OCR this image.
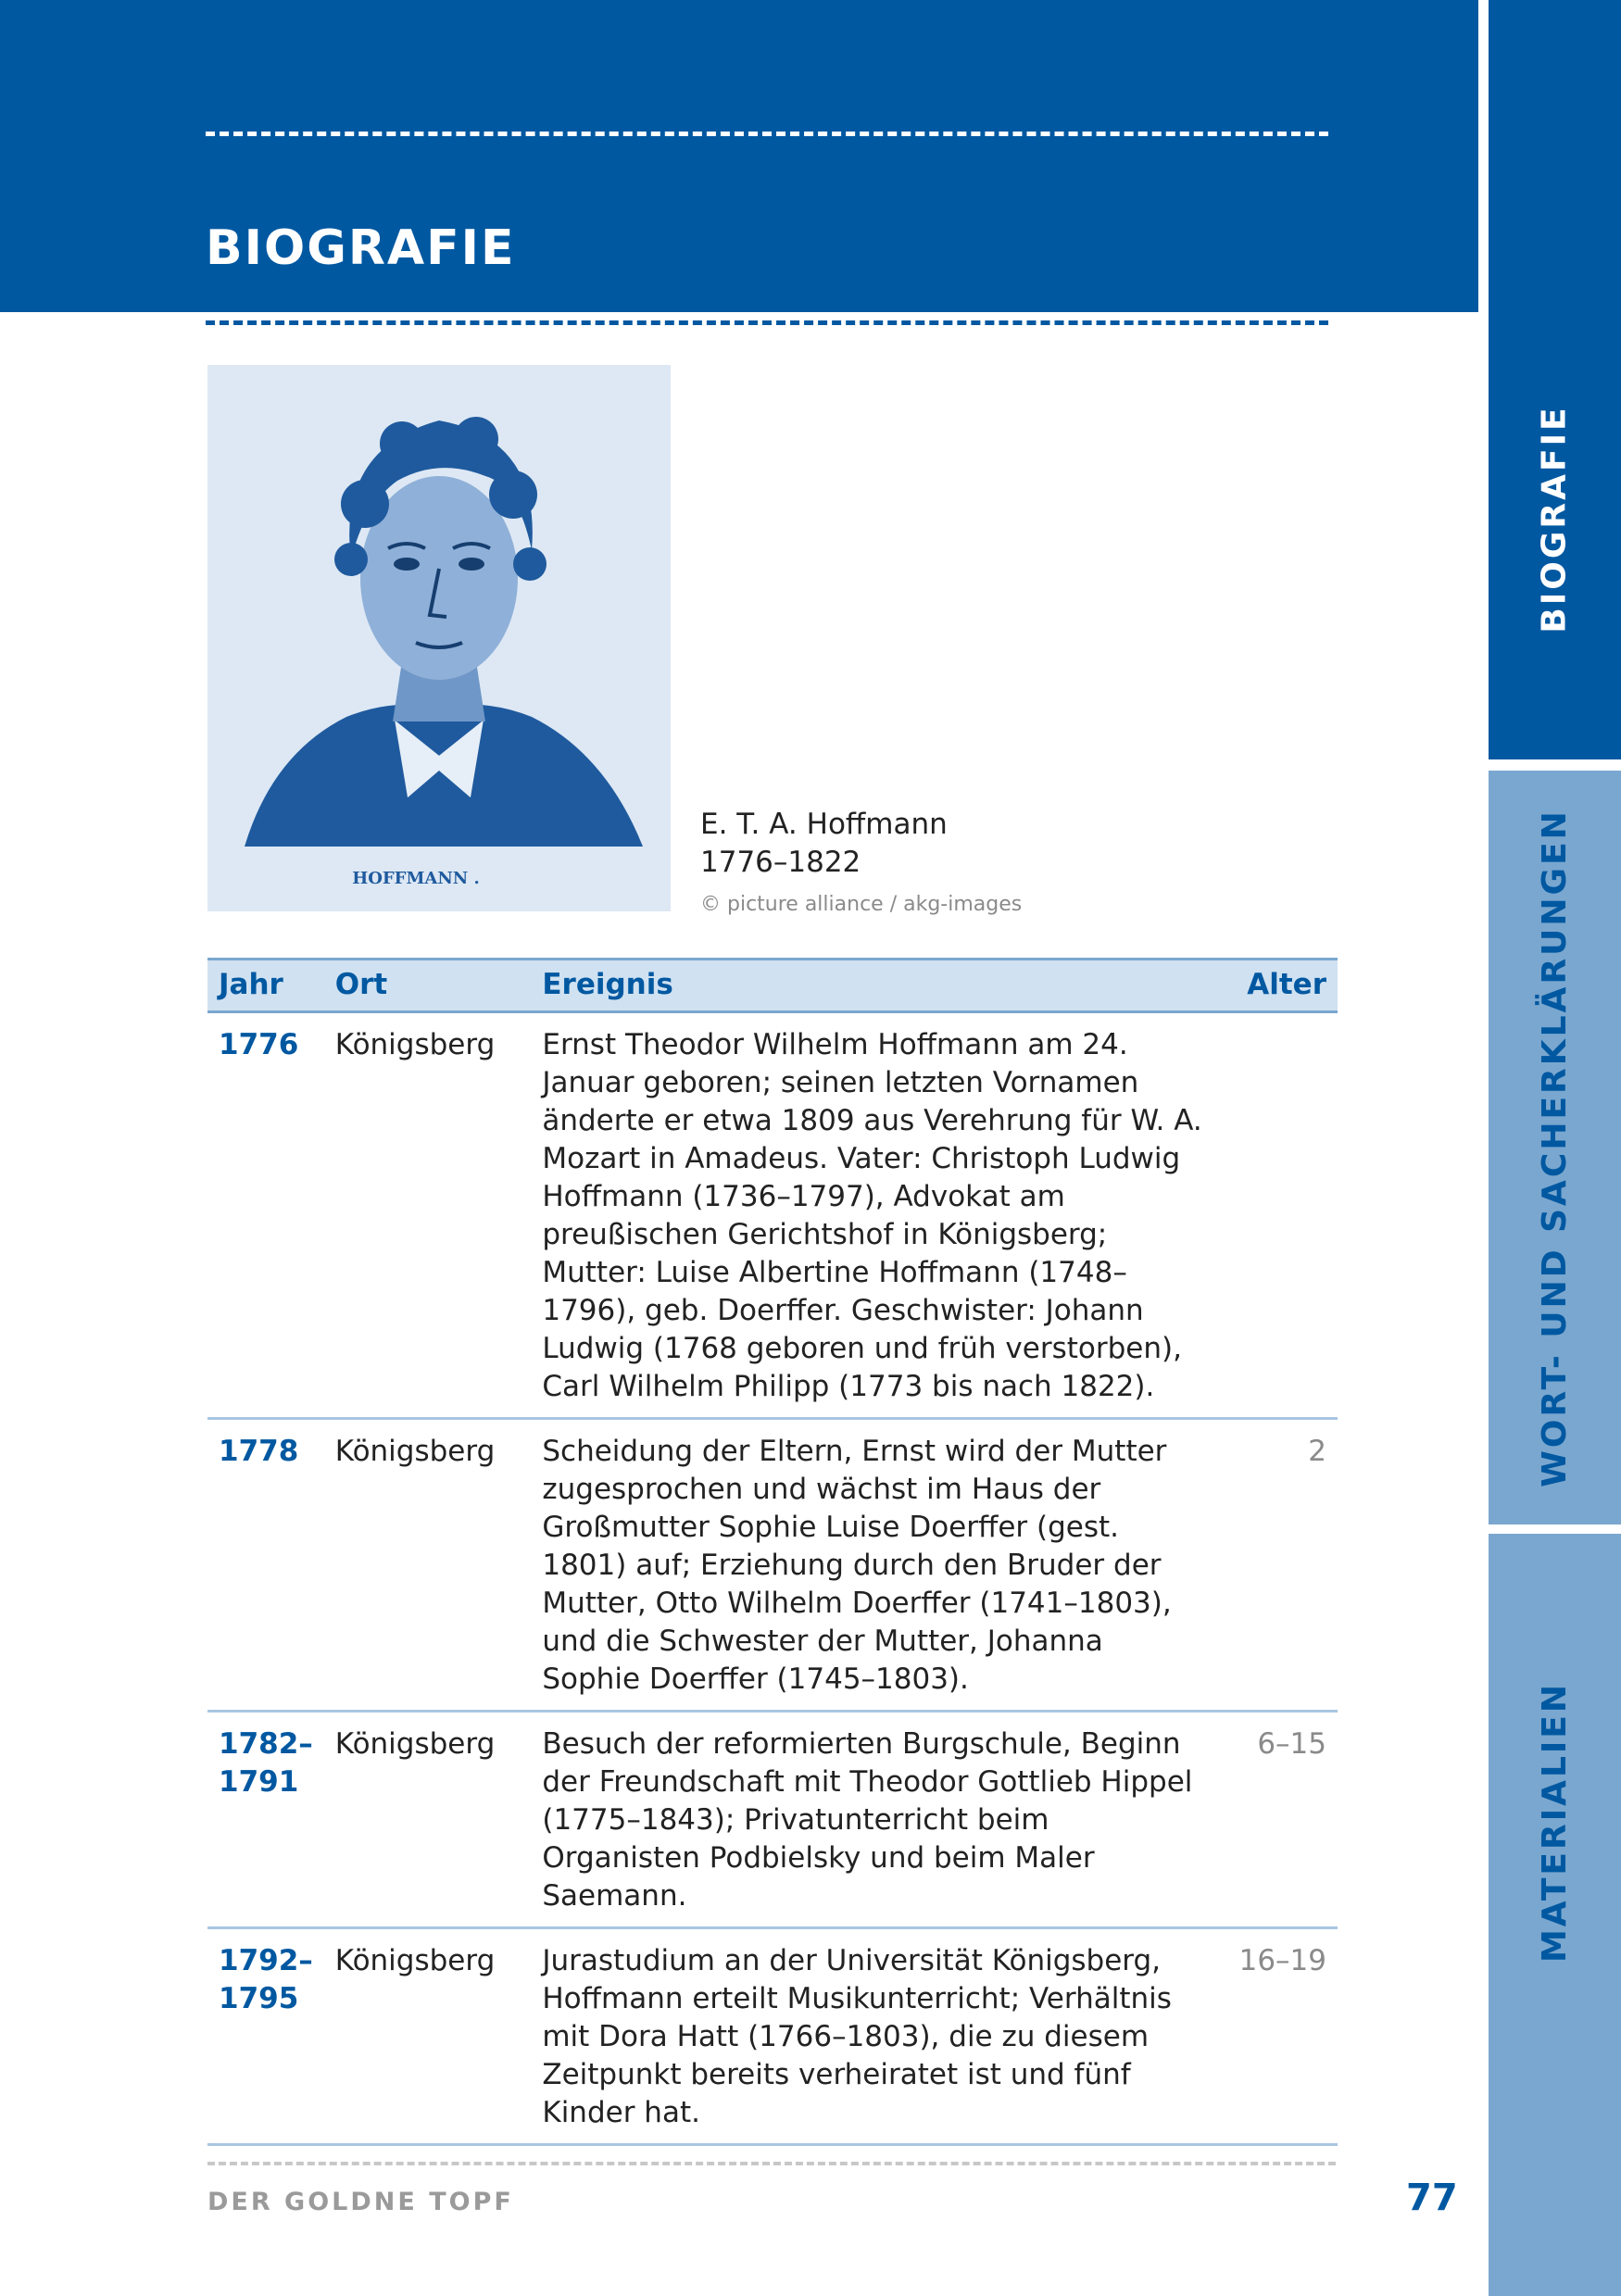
BIOGRAFIE
BIOGRAFIE
WORT- UND SACHERKLÄRUNGEN
MATERIALIEN
HOFFMANN .
E. T. A. Hoffmann
1776–1822
© picture alliance / akg-images
Jahr	Ort	Ereignis	Alter
1776	Königsberg	Ernst Theodor Wilhelm Hoffmann am 24. Januar geboren; seinen letzten Vornamen änderte er etwa 1809 aus Verehrung für W. A. Mozart in Amadeus. Vater: Christoph Ludwig Hoffmann (1736–1797), Advokat am preußischen Gerichtshof in Königsberg; Mutter: Luise Albertine Hoffmann (1748–1796), geb. Doerffer. Geschwister: Johann Ludwig (1768 geboren und früh verstorben), Carl Wilhelm Philipp (1773 bis nach 1822).	
1778	Königsberg	Scheidung der Eltern, Ernst wird der Mutter zugesprochen und wächst im Haus der Großmutter Sophie Luise Doerffer (gest. 1801) auf; Erziehung durch den Bruder der Mutter, Otto Wilhelm Doerffer (1741–1803), und die Schwester der Mutter, Johanna Sophie Doerffer (1745–1803).	2
1782–
1791	Königsberg	Besuch der reformierten Burgschule, Beginn der Freundschaft mit Theodor Gottlieb Hippel (1775–1843); Privatunterricht beim Organisten Podbielsky und beim Maler Saemann.	6–15
1792–
1795	Königsberg	Jurastudium an der Universität Königsberg, Hoffmann erteilt Musikunterricht; Verhältnis mit Dora Hatt (1766–1803), die zu diesem Zeitpunkt bereits verheiratet ist und fünf Kinder hat.	16–19
DER GOLDNE TOPF	77
